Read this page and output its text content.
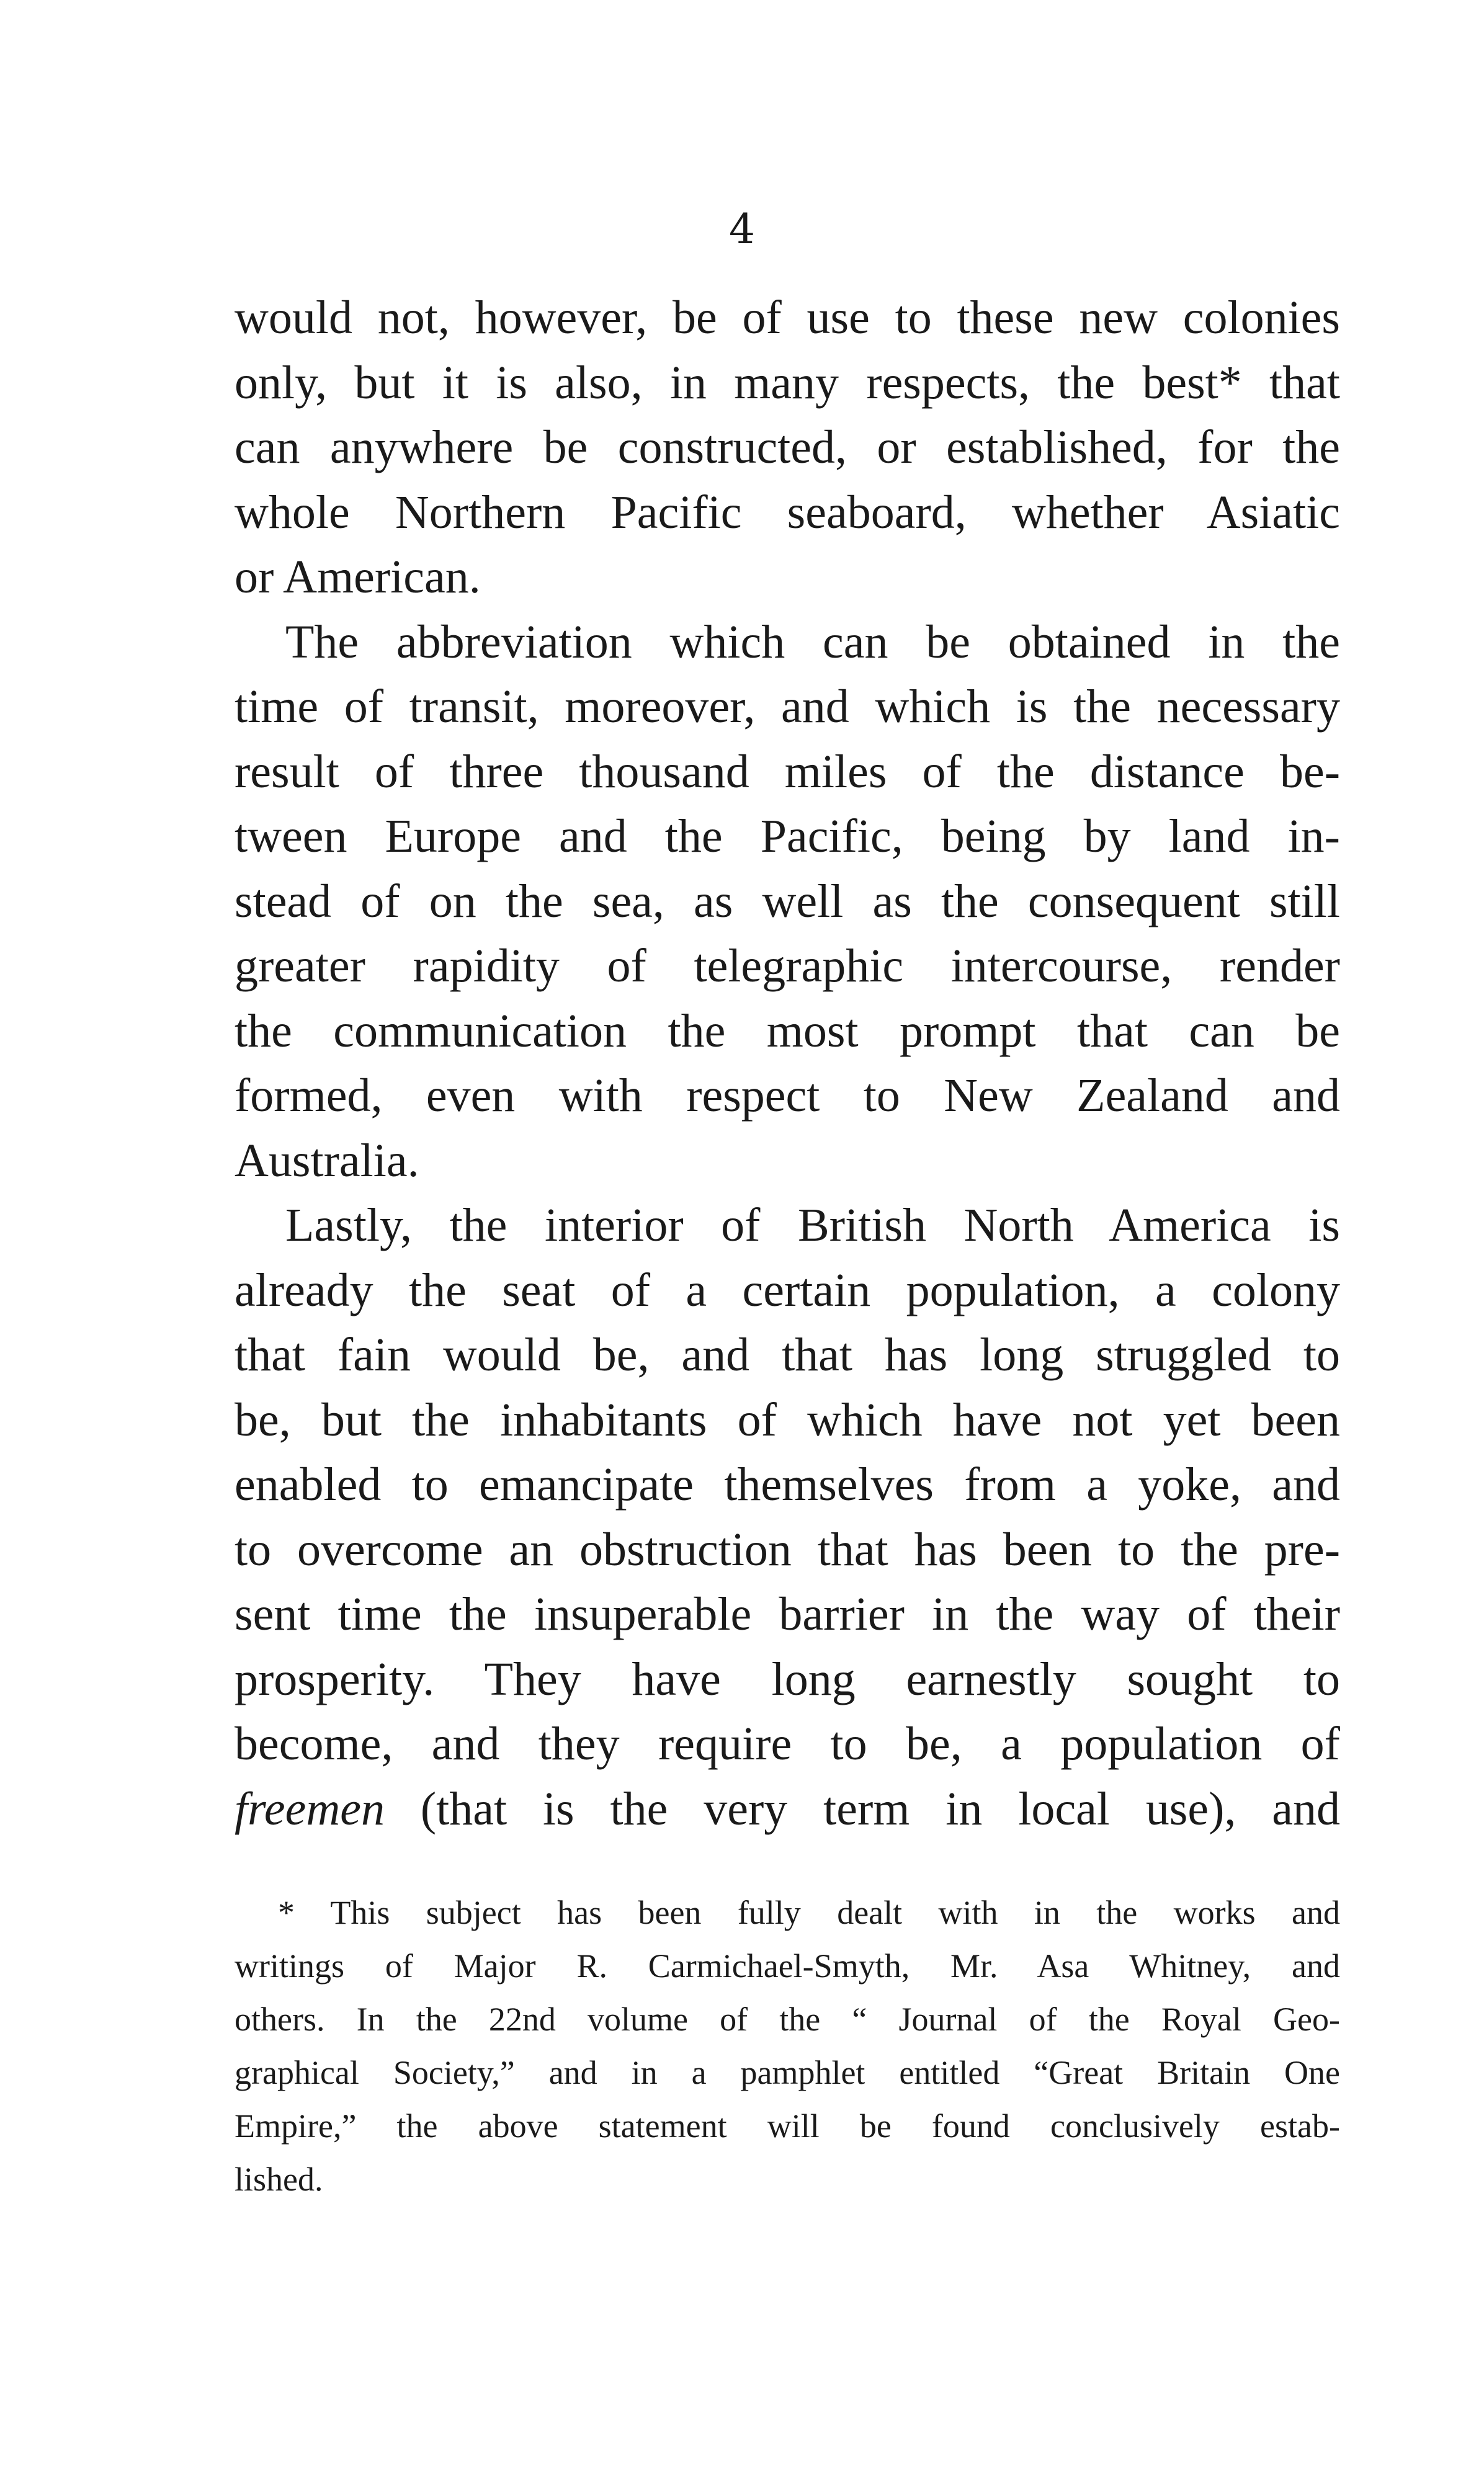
4
would not, however, be of use to these new colonies
only, but it is also, in many respects, the best* that
can anywhere be constructed, or established, for the
whole Northern Pacific seaboard, whether Asiatic
or American.
The abbreviation which can be obtained in the
time of transit, moreover, and which is the necessary
result of three thousand miles of the distance be-
tween Europe and the Pacific, being by land in-
stead of on the sea, as well as the consequent still
greater rapidity of telegraphic intercourse, render
the communication the most prompt that can be
formed, even with respect to New Zealand and
Australia.
Lastly, the interior of British North America is
already the seat of a certain population, a colony
that fain would be, and that has long struggled to
be, but the inhabitants of which have not yet been
enabled to emancipate themselves from a yoke, and
to overcome an obstruction that has been to the pre-
sent time the insuperable barrier in the way of their
prosperity. They have long earnestly sought to
become, and they require to be, a population of
freemen (that is the very term in local use), and
* This subject has been fully dealt with in the works and
writings of Major R. Carmichael-Smyth, Mr. Asa Whitney, and
others. In the 22nd volume of the “ Journal of the Royal Geo-
graphical Society,” and in a pamphlet entitled “Great Britain One
Empire,” the above statement will be found conclusively estab-
lished.
